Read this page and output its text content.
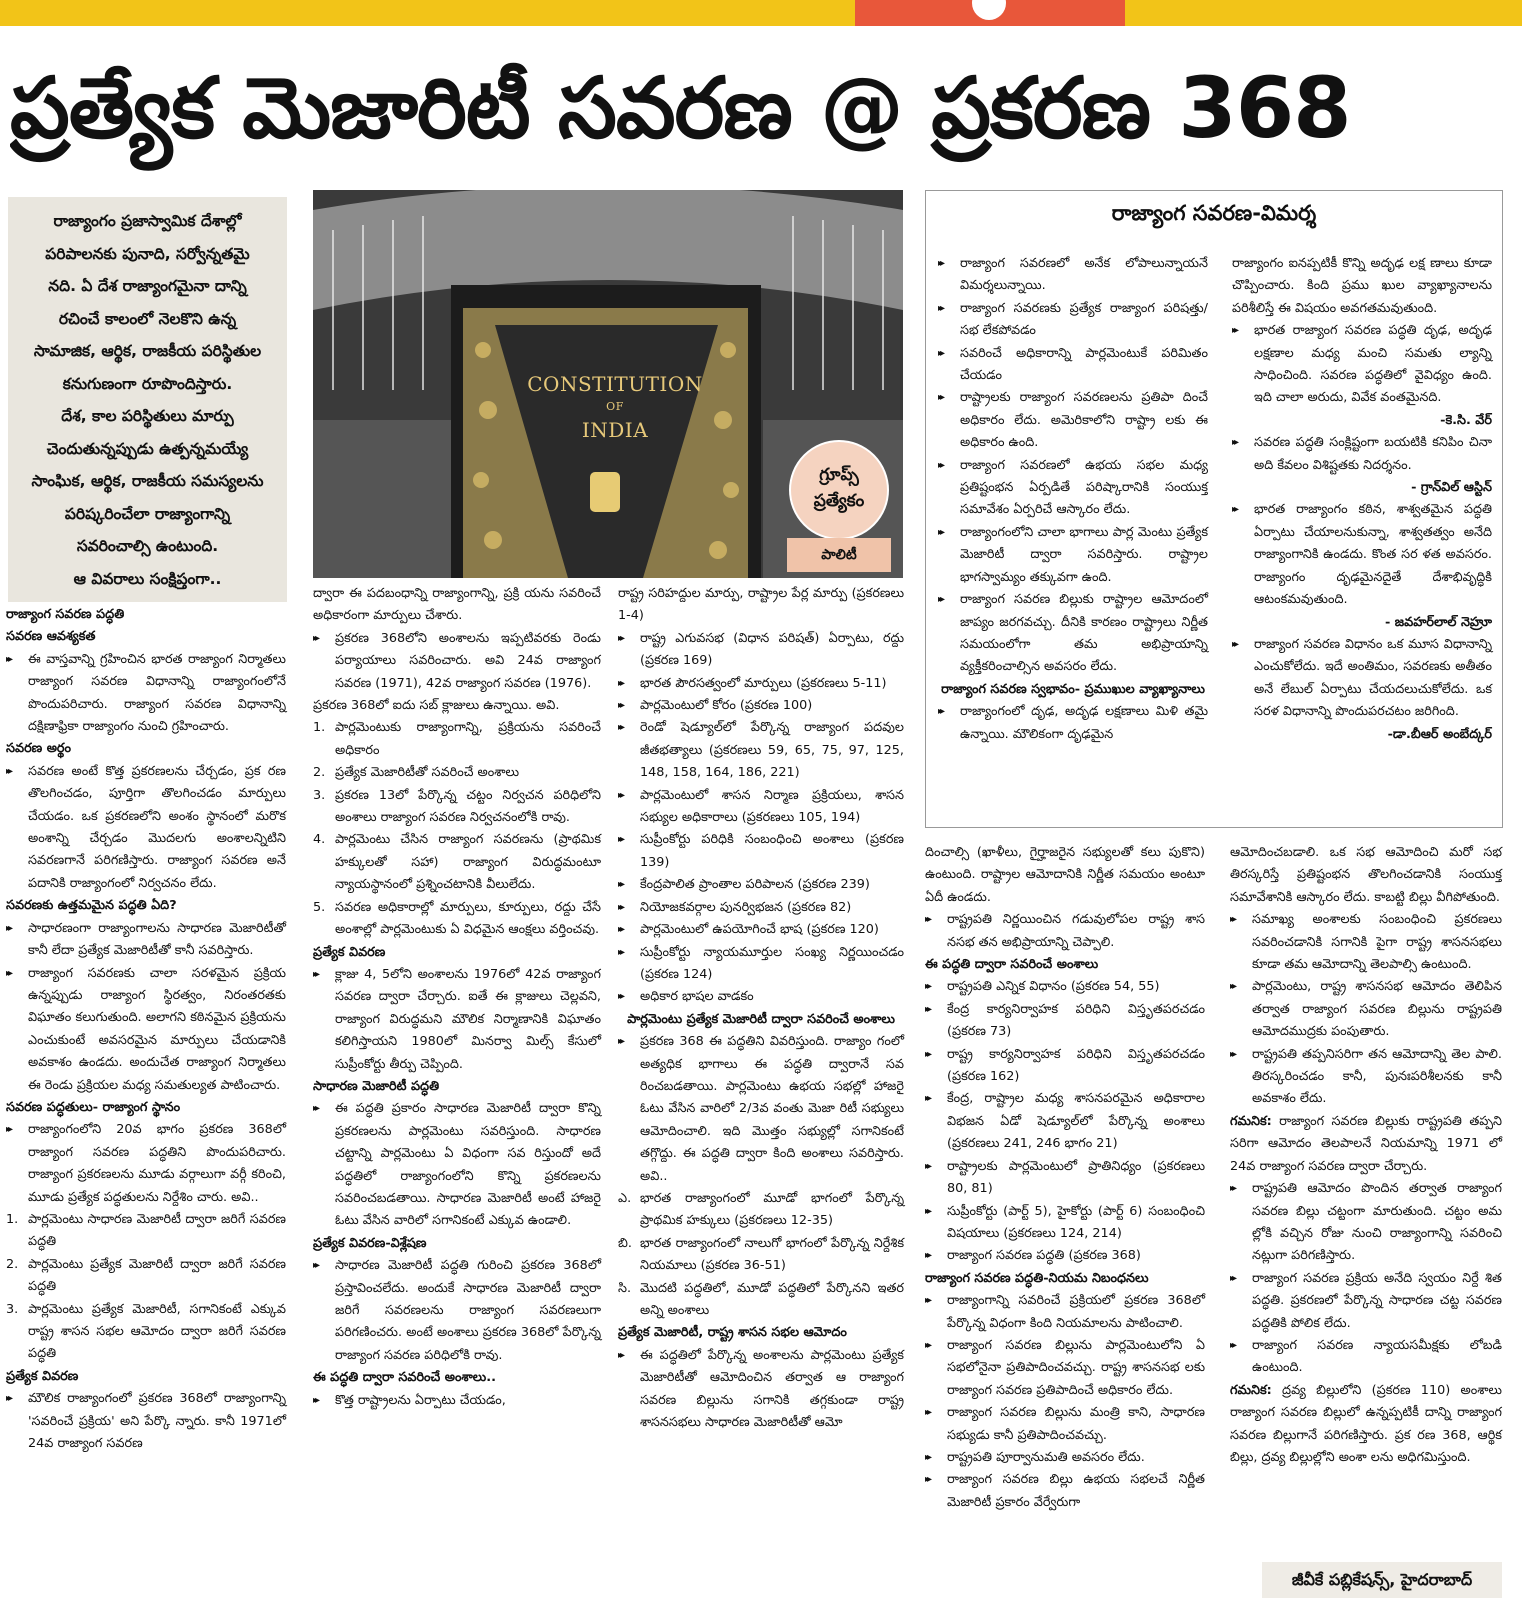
ప్రత్యేక మెజారిటీ సవరణ @ ప్రకరణ 368

రాజ్యాంగం ప్రజాస్వామిక దేశాల్లో

పరిపాలనకు పునాది, సర్వోన్నతమై

నది. ఏ దేశ రాజ్యాంగమైనా దాన్ని

రచించే కాలంలో నెలకొని ఉన్న

సామాజిక, ఆర్థిక, రాజకీయ పరిస్థితుల

కనుగుణంగా రూపొందిస్తారు.

దేశ, కాల పరిస్థితులు మార్పు

చెందుతున్నప్పుడు ఉత్పన్నమయ్యే

సాంఘిక, ఆర్థిక, రాజకీయ సమస్యలను

పరిష్కరించేలా రాజ్యాంగాన్ని

సవరించాల్సి ఉంటుంది.

ఆ వివరాలు సంక్షిప్తంగా..

CONSTITUTION
OF
INDIA
గ్రూప్స్
ప్రత్యేకం
పాలిటీ
రాజ్యాంగ సవరణ-విమర్శ

రాజ్యాంగ సవరణ పద్ధతి

సవరణ ఆవశ్యకత

▸▸ ఈ వాస్తవాన్ని గ్రహించిన భారత రాజ్యాంగ నిర్మాతలు రాజ్యాంగ సవరణ విధానాన్ని రాజ్యాంగంలోనే పొందుపరిచారు. రాజ్యాంగ సవరణ విధానాన్ని దక్షిణాఫ్రికా రాజ్యాంగం నుంచి గ్రహించారు.

సవరణ అర్థం

▸▸ సవరణ అంటే కొత్త ప్రకరణలను చేర్చడం, ప్రక రణ తొలగించడం, పూర్తిగా తొలగించడం మార్పులు చేయడం. ఒక ప్రకరణలోని అంశం స్థానంలో మరొక అంశాన్ని చేర్చడం మొదలగు అంశాలన్నిటిని సవరణగానే పరిగణిస్తారు. రాజ్యాంగ సవరణ అనే పదానికి రాజ్యాంగంలో నిర్వచనం లేదు.

సవరణకు ఉత్తమమైన పద్ధతి ఏది?

▸▸ సాధారణంగా రాజ్యాంగాలను సాధారణ మెజారిటీతో కానీ లేదా ప్రత్యేక మెజారిటీతో కానీ సవరిస్తారు.

▸▸ రాజ్యాంగ సవరణకు చాలా సరళమైన ప్రక్రియ ఉన్నప్పుడు రాజ్యాంగ స్థిరత్వం, నిరంతరతకు విఘాతం కలుగుతుంది. అలాగని కఠినమైన ప్రక్రియను ఎంచుకుంటే అవసరమైన మార్పులు చేయడానికి అవకాశం ఉండదు. అందుచేత రాజ్యాంగ నిర్మాతలు ఈ రెండు ప్రక్రియల మధ్య సమతుల్యత పాటించారు.

సవరణ పద్ధతులు- రాజ్యాంగ స్థానం

▸▸ రాజ్యాంగంలోని 20వ భాగం ప్రకరణ 368లో రాజ్యాంగ సవరణ పద్ధతిని పొందుపరిచారు. రాజ్యాంగ ప్రకరణలను మూడు వర్గాలుగా వర్గీ కరించి, మూడు ప్రత్యేక పద్ధతులను నిర్దేశిం చారు. అవి..

1. పార్లమెంటు సాధారణ మెజారిటీ ద్వారా జరిగే సవరణ పద్ధతి

2. పార్లమెంటు ప్రత్యేక మెజారిటీ ద్వారా జరిగే సవరణ పద్ధతి

3. పార్లమెంటు ప్రత్యేక మెజారిటీ, సగానికంటే ఎక్కువ రాష్ట్ర శాసన సభల ఆమోదం ద్వారా జరిగే సవరణ పద్ధతి

ప్రత్యేక వివరణ

▸▸ మౌలిక రాజ్యాంగంలో ప్రకరణ 368లో రాజ్యాంగాన్ని 'సవరించే ప్రక్రియ' అని పేర్కొ న్నారు. కానీ 1971లో 24వ రాజ్యాంగ సవరణ

ద్వారా ఈ పదబంధాన్ని రాజ్యాంగాన్ని, ప్రక్రి యను సవరించే అధికారంగా మార్పులు చేశారు.

▸▸ ప్రకరణ 368లోని అంశాలను ఇప్పటివరకు రెండు పర్యాయాలు సవరించారు. అవి 24వ రాజ్యాంగ సవరణ (1971), 42వ రాజ్యాంగ సవరణ (1976).

ప్రకరణ 368లో ఐదు సబ్ క్లాజులు ఉన్నాయి. అవి.

1. పార్లమెంటుకు రాజ్యాంగాన్ని, ప్రక్రియను సవరించే అధికారం

2. ప్రత్యేక మెజారిటీతో సవరించే అంశాలు

3. ప్రకరణ 13లో పేర్కొన్న చట్టం నిర్వచన పరిధిలోని అంశాలు రాజ్యాంగ సవరణ నిర్వచనంలోకి రావు.

4. పార్లమెంటు చేసిన రాజ్యాంగ సవరణను (ప్రాథమిక హక్కులతో సహా) రాజ్యాంగ విరుద్ధమంటూ న్యాయస్థానంలో ప్రశ్నించటానికి వీలులేదు.

5. సవరణ అధికారాల్లో మార్పులు, కూర్పులు, రద్దు చేసే అంశాల్లో పార్లమెంటుకు ఏ విధమైన ఆంక్షలు వర్తించవు.

ప్రత్యేక వివరణ

▸▸ క్లాజు 4, 5లోని అంశాలను 1976లో 42వ రాజ్యాంగ సవరణ ద్వారా చేర్చారు. ఐతే ఈ క్లాజులు చెల్లవని, రాజ్యాంగ విరుద్ధమని మౌలిక నిర్మాణానికి విఘాతం కలిగిస్తాయని 1980లో మినర్వా మిల్స్ కేసులో సుప్రీంకోర్టు తీర్పు చెప్పింది.

సాధారణ మెజారిటీ పద్ధతి

▸▸ ఈ పద్ధతి ప్రకారం సాధారణ మెజారిటీ ద్వారా కొన్ని ప్రకరణలను పార్లమెంటు సవరిస్తుంది. సాధారణ చట్టాన్ని పార్లమెంటు ఏ విధంగా సవ రిస్తుందో అదే పద్ధతిలో రాజ్యాంగంలోని కొన్ని ప్రకరణలను సవరించబడతాయి. సాధారణ మెజారిటీ అంటే హాజరై ఓటు వేసిన వారిలో సగానికంటే ఎక్కువ ఉండాలి.

ప్రత్యేక వివరణ-విశ్లేషణ

▸▸ సాధారణ మెజారిటీ పద్ధతి గురించి ప్రకరణ 368లో ప్రస్తావించలేదు. అందుకే సాధారణ మెజారిటీ ద్వారా జరిగే సవరణలను రాజ్యాంగ సవరణలుగా పరిగణించరు. అంటే అంశాలు ప్రకరణ 368లో పేర్కొన్న రాజ్యాంగ సవరణ పరిధిలోకి రావు.

ఈ పద్ధతి ద్వారా సవరించే అంశాలు..

▸▸ కొత్త రాష్ట్రాలను ఏర్పాటు చేయడం,

రాష్ట్ర సరిహద్దుల మార్పు, రాష్ట్రాల పేర్ల మార్పు (ప్రకరణలు 1-4)

▸▸ రాష్ట్ర ఎగువసభ (విధాన పరిషత్) ఏర్పాటు, రద్దు (ప్రకరణ 169)

▸▸ భారత పౌరసత్వంలో మార్పులు (ప్రకరణలు 5-11)

▸▸ పార్లమెంటులో కోరం (ప్రకరణ 100)

▸▸ రెండో షెడ్యూల్‌లో పేర్కొన్న రాజ్యాంగ పదవుల జీతభత్యాలు (ప్రకరణలు 59, 65, 75, 97, 125, 148, 158, 164, 186, 221)

▸▸ పార్లమెంటులో శాసన నిర్మాణ ప్రక్రియలు, శాసన సభ్యుల అధికారాలు (ప్రకరణలు 105, 194)

▸▸ సుప్రీంకోర్టు పరిధికి సంబంధించి అంశాలు (ప్రకరణ 139)

▸▸ కేంద్రపాలిత ప్రాంతాల పరిపాలన (ప్రకరణ 239)

▸▸ నియోజకవర్గాల పునర్విభజన (ప్రకరణ 82)

▸▸ పార్లమెంటులో ఉపయోగించే భాష (ప్రకరణ 120)

▸▸ సుప్రీంకోర్టు న్యాయమూర్తుల సంఖ్య నిర్ణయించడం (ప్రకరణ 124)

▸▸ అధికార భాషల వాడకం

పార్లమెంటు ప్రత్యేక మెజారిటీ ద్వారా సవరించే అంశాలు

▸▸ ప్రకరణ 368 ఈ పద్ధతిని వివరిస్తుంది. రాజ్యాం గంలో అత్యధిక భాగాలు ఈ పద్ధతి ద్వారానే సవ రించబడతాయి. పార్లమెంటు ఉభయ సభల్లో హాజరై ఓటు వేసిన వారిలో 2/3వ వంతు మెజా రిటీ సభ్యులు ఆమోదించాలి. ఇది మొత్తం సభ్యుల్లో సగానికంటే తగ్గొద్దు. ఈ పద్ధతి ద్వారా కింది అంశాలు సవరిస్తారు. అవి..

ఎ. భారత రాజ్యాంగంలో మూడో భాగంలో పేర్కొన్న ప్రాథమిక హక్కులు (ప్రకరణలు 12-35)

బి. భారత రాజ్యాంగంలో నాలుగో భాగంలో పేర్కొన్న నిర్దేశిక నియమాలు (ప్రకరణ 36-51)

సి. మొదటి పద్ధతిలో, మూడో పద్ధతిలో పేర్కొనని ఇతర అన్ని అంశాలు

ప్రత్యేక మెజారిటీ, రాష్ట్ర శాసన సభల ఆమోదం

▸▸ ఈ పద్ధతిలో పేర్కొన్న అంశాలను పార్లమెంటు ప్రత్యేక మెజారిటీతో ఆమోదించిన తర్వాత ఆ రాజ్యాంగ సవరణ బిల్లును సగానికి తగ్గకుండా రాష్ట్ర శాసనసభలు సాధారణ మెజారిటీతో ఆమో

▸▸ రాజ్యాంగ సవరణలో అనేక లోపాలున్నాయనే విమర్శలున్నాయి.

▸▸ రాజ్యాంగ సవరణకు ప్రత్యేక రాజ్యాంగ పరిషత్తు/సభ లేకపోవడం

▸▸ సవరించే అధికారాన్ని పార్లమెంటుకే పరిమితం చేయడం

▸▸ రాష్ట్రాలకు రాజ్యాంగ సవరణలను ప్రతిపా దించే అధికారం లేదు. అమెరికాలోని రాష్ట్రా లకు ఈ అధికారం ఉంది.

▸▸ రాజ్యాంగ సవరణలో ఉభయ సభల మధ్య ప్రతిష్టంభన ఏర్పడితే పరిష్కారానికి సంయుక్త సమావేశం ఏర్పరిచే ఆస్కారం లేదు.

▸▸ రాజ్యాంగంలోని చాలా భాగాలు పార్ల మెంటు ప్రత్యేక మెజారిటీ ద్వారా సవరిస్తారు. రాష్ట్రాల భాగస్వామ్యం తక్కువగా ఉంది.

▸▸ రాజ్యాంగ సవరణ బిల్లుకు రాష్ట్రాల ఆమోదంలో జాప్యం జరగవచ్చు. దీనికి కారణం రాష్ట్రాలు నిర్ణీత సమయంలోగా తమ అభిప్రాయాన్ని వ్యక్తీకరించాల్సిన అవసరం లేదు.

రాజ్యాంగ సవరణ స్వభావం- ప్రముఖుల వ్యాఖ్యానాలు

▸▸ రాజ్యాంగంలో దృఢ, అదృఢ లక్షణాలు మిళి తమై ఉన్నాయి. మౌలికంగా దృఢమైన

రాజ్యాంగం ఐనప్పటికీ కొన్ని అదృఢ లక్ష ణాలు కూడా చొప్పించారు. కింది ప్రము ఖుల వ్యాఖ్యానాలను పరిశీలిస్తే ఈ విషయం అవగతమవుతుంది.

▸▸ భారత రాజ్యాంగ సవరణ పద్ధతి దృఢ, అదృఢ లక్షణాల మధ్య మంచి సమతు ల్యాన్ని సాధించింది. సవరణ పద్ధతిలో వైవిధ్యం ఉంది. ఇది చాలా అరుదు, వివేక వంతమైనది.

-కె.సి. వేర్

▸▸ సవరణ పద్ధతి సంక్లిష్టంగా బయటికి కనిపిం చినా అది కేవలం విశిష్టతకు నిదర్శనం.

- గ్రాన్‌విల్ ఆస్టిన్

▸▸ భారత రాజ్యాంగం కఠిన, శాశ్వతమైన పద్ధతి ఏర్పాటు చేయాలనుకున్నా, శాశ్వతత్వం అనేది రాజ్యాంగానికి ఉండదు. కొంత సర ళత అవసరం. రాజ్యాంగం దృఢమైనదైతే దేశాభివృద్ధికి ఆటంకమవుతుంది.

- జవహర్‌లాల్ నెహ్రూ

▸▸ రాజ్యాంగ సవరణ విధానం ఒక మూస విధానాన్ని ఎంచుకోలేదు. ఇదే అంతిమం, సవరణకు అతీతం అనే లేబుల్ ఏర్పాటు చేయదలుచుకోలేదు. ఒక సరళ విధానాన్ని పొందుపరచటం జరిగింది.

-డా.బీఆర్ అంబేద్కర్

దించాల్సి (ఖాళీలు, గైర్హాజరైన సభ్యులతో కలు పుకొని) ఉంటుంది. రాష్ట్రాల ఆమోదానికి నిర్ణీత సమయం అంటూ ఏదీ ఉండదు.

▸▸ రాష్ట్రపతి నిర్ణయించిన గడువులోపల రాష్ట్ర శాస నసభ తన అభిప్రాయాన్ని చెప్పాలి.

ఈ పద్ధతి ద్వారా సవరించే అంశాలు

▸▸ రాష్ట్రపతి ఎన్నిక విధానం (ప్రకరణ 54, 55)

▸▸ కేంద్ర కార్యనిర్వాహక పరిధిని విస్తృతపరచడం (ప్రకరణ 73)

▸▸ రాష్ట్ర కార్యనిర్వాహక పరిధిని విస్తృతపరచడం (ప్రకరణ 162)

▸▸ కేంద్ర, రాష్ట్రాల మధ్య శాసనపరమైన అధికారాల విభజన ఏడో షెడ్యూల్‌లో పేర్కొన్న అంశాలు (ప్రకరణలు 241, 246 భాగం 21)

▸▸ రాష్ట్రాలకు పార్లమెంటులో ప్రాతినిధ్యం (ప్రకరణలు 80, 81)

▸▸ సుప్రీంకోర్టు (పార్ట్ 5), హైకోర్టు (పార్ట్ 6) సంబంధించి విషయాలు (ప్రకరణలు 124, 214)

▸▸ రాజ్యాంగ సవరణ పద్ధతి (ప్రకరణ 368)

రాజ్యాంగ సవరణ పద్ధతి-నియమ నిబంధనలు

▸▸ రాజ్యాంగాన్ని సవరించే ప్రక్రియలో ప్రకరణ 368లో పేర్కొన్న విధంగా కింది నియమాలను పాటించాలి.

▸▸ రాజ్యాంగ సవరణ బిల్లును పార్లమెంటులోని ఏ సభలోనైనా ప్రతిపాదించవచ్చు. రాష్ట్ర శాసనసభ లకు రాజ్యాంగ సవరణ ప్రతిపాదించే అధికారం లేదు.

▸▸ రాజ్యాంగ సవరణ బిల్లును మంత్రి కాని, సాధారణ సభ్యుడు కానీ ప్రతిపాదించవచ్చు.

▸▸ రాష్ట్రపతి పూర్వానుమతి అవసరం లేదు.

▸▸ రాజ్యాంగ సవరణ బిల్లు ఉభయ సభలచే నిర్ణీత మెజారిటీ ప్రకారం వేర్వేరుగా

ఆమోదించబడాలి. ఒక సభ ఆమోదించి మరో సభ తిరస్కరిస్తే ప్రతిష్టంభన తొలగించడానికి సంయుక్త సమావేశానికి ఆస్కారం లేదు. కాబట్టి బిల్లు వీగిపోతుంది.

▸▸ సమాఖ్య అంశాలకు సంబంధించి ప్రకరణలు సవరించడానికి సగానికి పైగా రాష్ట్ర శాసనసభలు కూడా తమ ఆమోదాన్ని తెలపాల్సి ఉంటుంది.

▸▸ పార్లమెంటు, రాష్ట్ర శాసనసభ ఆమోదం తెలిపిన తర్వాత రాజ్యాంగ సవరణ బిల్లును రాష్ట్రపతి ఆమోదముద్రకు పంపుతారు.

▸▸ రాష్ట్రపతి తప్పనిసరిగా తన ఆమోదాన్ని తెల పాలి. తిరస్కరించడం కానీ, పునఃపరిశీలనకు కానీ అవకాశం లేదు.

గమనిక: రాజ్యాంగ సవరణ బిల్లుకు రాష్ట్రపతి తప్పని సరిగా ఆమోదం తెలపాలనే నియమాన్ని 1971 లో 24వ రాజ్యాంగ సవరణ ద్వారా చేర్చారు.

▸▸ రాష్ట్రపతి ఆమోదం పొందిన తర్వాత రాజ్యాంగ సవరణ బిల్లు చట్టంగా మారుతుంది. చట్టం అమ ల్లోకి వచ్చిన రోజు నుంచి రాజ్యాంగాన్ని సవరించి నట్లుగా పరిగణిస్తారు.

▸▸ రాజ్యాంగ సవరణ ప్రక్రియ అనేది స్వయం నిర్దే శిత పద్ధతి. ప్రకరణలో పేర్కొన్న సాధారణ చట్ట సవరణ పద్ధతికి పోలిక లేదు.

▸▸ రాజ్యాంగ సవరణ న్యాయసమీక్షకు లోబడి ఉంటుంది.

గమనిక: ద్రవ్య బిల్లులోని (ప్రకరణ 110) అంశాలు రాజ్యాంగ సవరణ బిల్లులో ఉన్నప్పటికీ దాన్ని రాజ్యాంగ సవరణ బిల్లుగానే పరిగణిస్తారు. ప్రక రణ 368, ఆర్థిక బిల్లు, ద్రవ్య బిల్లుల్లోని అంశా లను అధిగమిస్తుంది.

జీవీకే పబ్లికేషన్స్, హైదరాబాద్
